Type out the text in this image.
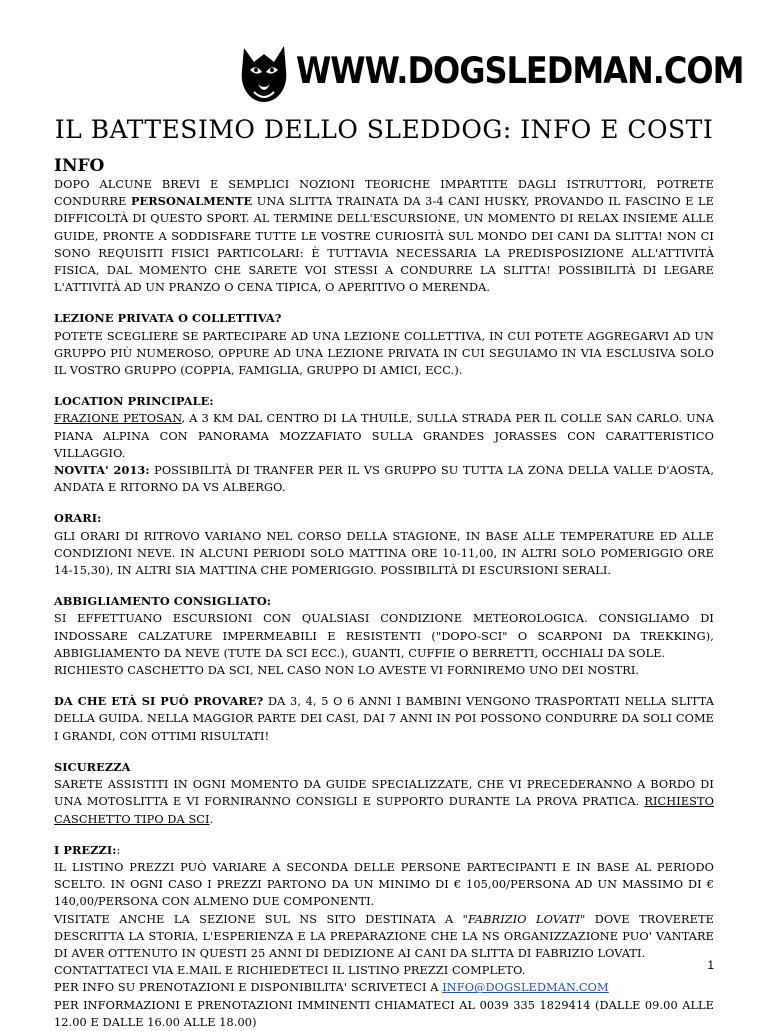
WWW.DOGSLEDMAN.COM
IL BATTESIMO DELLO SLEDDOG: INFO E COSTI
INFO

DOPO ALCUNE BREVI E SEMPLICI NOZIONI TEORICHE IMPARTITE DAGLI ISTRUTTORI, POTRETE CONDURRE PERSONALMENTE UNA SLITTA TRAINATA DA 3-4 CANI HUSKY, PROVANDO IL FASCINO E LE DIFFICOLTÀ DI QUESTO SPORT. AL TERMINE DELL'ESCURSIONE, UN MOMENTO DI RELAX INSIEME ALLE GUIDE, PRONTE A SODDISFARE TUTTE LE VOSTRE CURIOSITÀ SUL MONDO DEI CANI DA SLITTA! NON CI SONO REQUISITI FISICI PARTICOLARI: È TUTTAVIA NECESSARIA LA PREDISPOSIZIONE ALL'ATTIVITÀ FISICA, DAL MOMENTO CHE SARETE VOI STESSI A CONDURRE LA SLITTA! POSSIBILITÀ DI LEGARE L'ATTIVITÀ AD UN PRANZO O CENA TIPICA, O APERITIVO O MERENDA.

LEZIONE PRIVATA O COLLETTIVA?

POTETE SCEGLIERE SE PARTECIPARE AD UNA LEZIONE COLLETTIVA, IN CUI POTETE AGGREGARVI AD UN GRUPPO PIÙ NUMEROSO, OPPURE AD UNA LEZIONE PRIVATA IN CUI SEGUIAMO IN VIA ESCLUSIVA SOLO IL VOSTRO GRUPPO (COPPIA, FAMIGLIA, GRUPPO DI AMICI, ECC.).

LOCATION PRINCIPALE:

FRAZIONE PETOSAN, A 3 KM DAL CENTRO DI LA THUILE, SULLA STRADA PER IL COLLE SAN CARLO. UNA PIANA ALPINA CON PANORAMA MOZZAFIATO SULLA GRANDES JORASSES CON CARATTERISTICO VILLAGGIO.

NOVITA' 2013: POSSIBILITÀ DI TRANFER PER IL VS GRUPPO SU TUTTA LA ZONA DELLA VALLE D'AOSTA, ANDATA E RITORNO DA VS ALBERGO.

ORARI:

GLI ORARI DI RITROVO VARIANO NEL CORSO DELLA STAGIONE, IN BASE ALLE TEMPERATURE ED ALLE CONDIZIONI NEVE. IN ALCUNI PERIODI SOLO MATTINA ORE 10-11,00, IN ALTRI SOLO POMERIGGIO ORE 14-15,30), IN ALTRI SIA MATTINA CHE POMERIGGIO. POSSIBILITÀ DI ESCURSIONI SERALI.

ABBIGLIAMENTO CONSIGLIATO:

SI EFFETTUANO ESCURSIONI CON QUALSIASI CONDIZIONE METEOROLOGICA. CONSIGLIAMO DI INDOSSARE CALZATURE IMPERMEABILI E RESISTENTI ("DOPO-SCI" O SCARPONI DA TREKKING), ABBIGLIAMENTO DA NEVE (TUTE DA SCI ECC.), GUANTI, CUFFIE O BERRETTI, OCCHIALI DA SOLE.

RICHIESTO CASCHETTO DA SCI, NEL CASO NON LO AVESTE VI FORNIREMO UNO DEI NOSTRI.

DA CHE ETÀ SI PUÒ PROVARE? DA 3, 4, 5 O 6 ANNI I BAMBINI VENGONO TRASPORTATI NELLA SLITTA DELLA GUIDA. NELLA MAGGIOR PARTE DEI CASI, DAI 7 ANNI IN POI POSSONO CONDURRE DA SOLI COME I GRANDI, CON OTTIMI RISULTATI!

SICUREZZA

SARETE ASSISTITI IN OGNI MOMENTO DA GUIDE SPECIALIZZATE, CHE VI PRECEDERANNO A BORDO DI UNA MOTOSLITTA E VI FORNIRANNO CONSIGLI E SUPPORTO DURANTE LA PROVA PRATICA. RICHIESTO CASCHETTO TIPO DA SCI.

I PREZZI::

IL LISTINO PREZZI PUÒ VARIARE A SECONDA DELLE PERSONE PARTECIPANTI E IN BASE AL PERIODO SCELTO. IN OGNI CASO I PREZZI PARTONO DA UN MINIMO DI € 105,00/PERSONA AD UN MASSIMO DI € 140,00/PERSONA CON ALMENO DUE COMPONENTI.

VISITATE ANCHE LA SEZIONE SUL NS SITO DESTINATA A "FABRIZIO LOVATI" DOVE TROVERETE DESCRITTA LA STORIA, L'ESPERIENZA E LA PREPARAZIONE CHE LA NS ORGANIZZAZIONE PUO' VANTARE DI AVER OTTENUTO IN QUESTI 25 ANNI DI DEDIZIONE AI CANI DA SLITTA DI FABRIZIO LOVATI.

CONTATTATECI VIA E.MAIL E RICHIEDETECI IL LISTINO PREZZI COMPLETO.

PER INFO SU PRENOTAZIONI E DISPONIBILITA' SCRIVETECI A INFO@DOGSLEDMAN.COM

PER INFORMAZIONI E PRENOTAZIONI IMMINENTI CHIAMATECI AL 0039 335 1829414 (DALLE 09.00 ALLE 12.00 E DALLE 16.00 ALLE 18.00)

1
